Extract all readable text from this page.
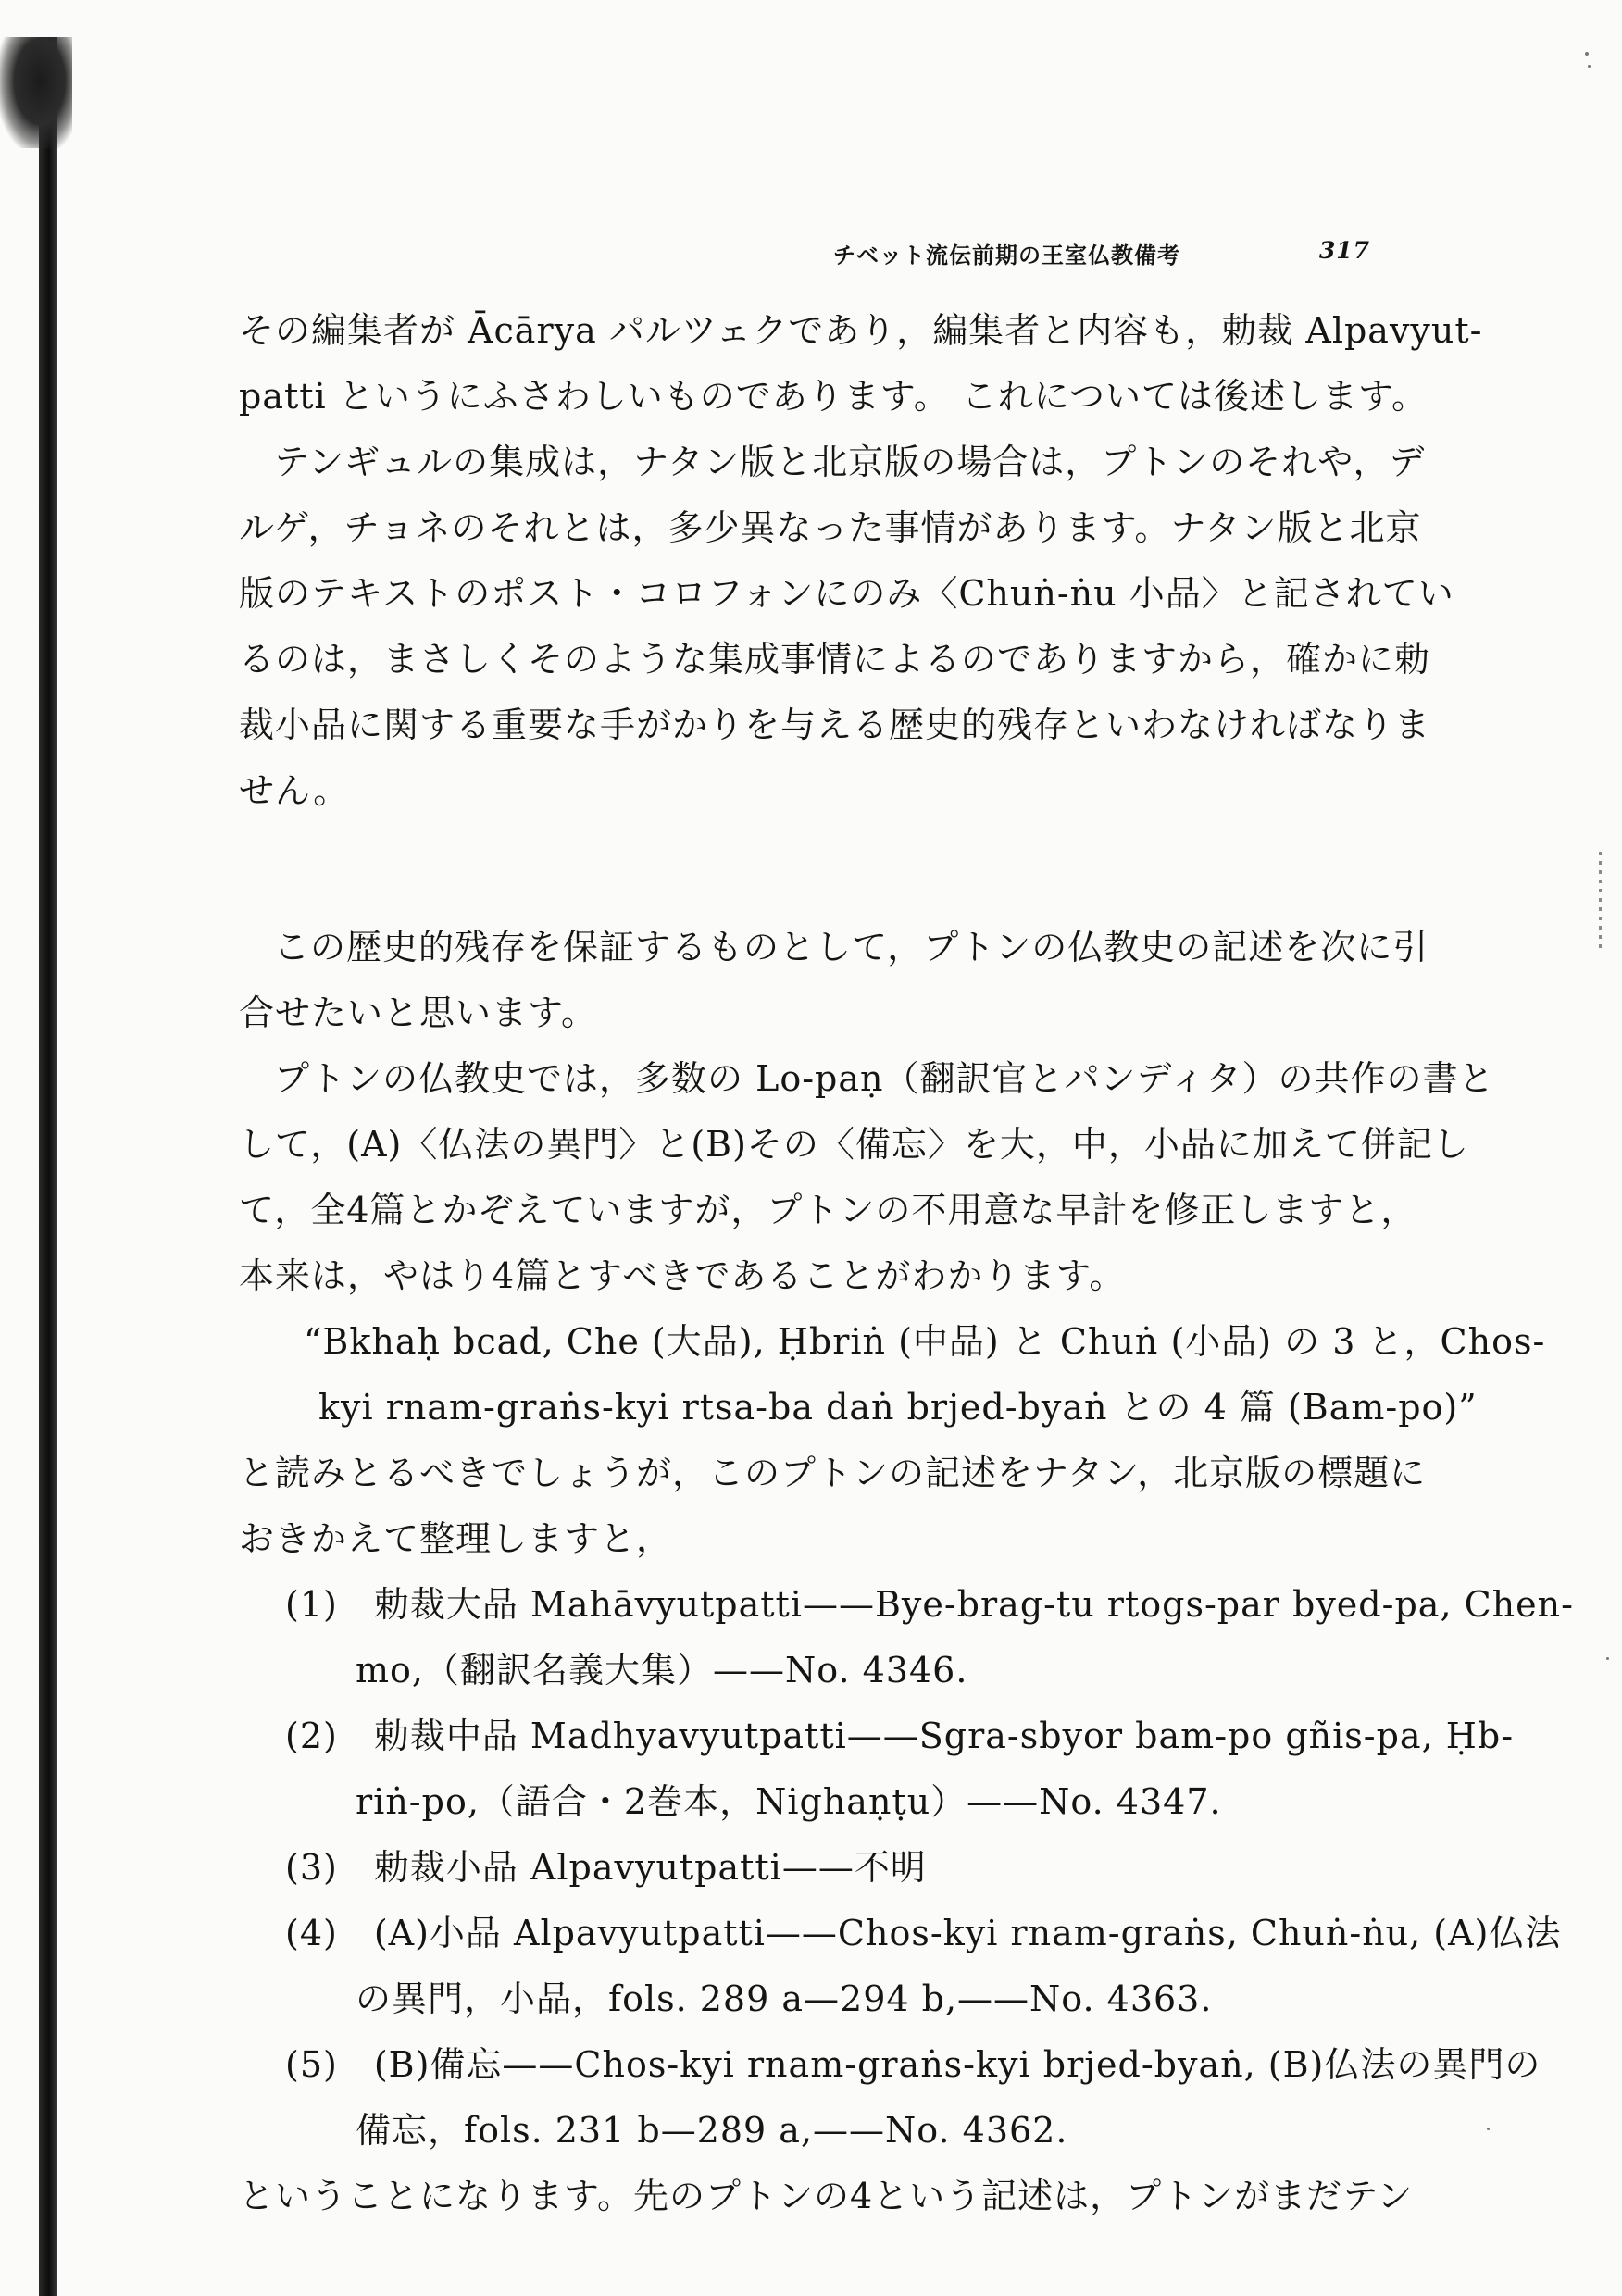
チベット流伝前期の王室仏教備考	317
その編集者が Ācārya パルツェクであり，編集者と内容も，勅裁 Alpavyut-
patti というにふさわしいものであります。 これについては後述します。
テンギュルの集成は，ナタン版と北京版の場合は，プトンのそれや，デ
ルゲ，チョネのそれとは，多少異なった事情があります。ナタン版と北京
版のテキストのポスト・コロフォンにのみ〈Chuṅ-ṅu 小品〉と記されてい
るのは，まさしくそのような集成事情によるのでありますから，確かに勅
裁小品に関する重要な手がかりを与える歴史的残存といわなければなりま
せん。
この歴史的残存を保証するものとして，プトンの仏教史の記述を次に引
合せたいと思います。
プトンの仏教史では，多数の Lo-paṇ（翻訳官とパンディタ）の共作の書と
して，(A)〈仏法の異門〉と(B)その〈備忘〉を大，中，小品に加えて併記し
て，全4篇とかぞえていますが，プトンの不用意な早計を修正しますと，
本来は，やはり4篇とすべきであることがわかります。
“Bkhaḥ bcad, Che (大品), Ḥbriṅ (中品) と Chuṅ (小品) の 3 と，Chos-
kyi rnam-graṅs-kyi rtsa-ba daṅ brjed-byaṅ との 4 篇 (Bam-po)”
と読みとるべきでしょうが，このプトンの記述をナタン，北京版の標題に
おきかえて整理しますと，
(1)　勅裁大品 Mahāvyutpatti——Bye-brag-tu rtogs-par byed-pa, Chen-
mo,（翻訳名義大集）——No. 4346.
(2)　勅裁中品 Madhyavyutpatti——Sgra-sbyor bam-po gñis-pa, Ḥb-
riṅ-po,（語合・2巻本，Nighaṇṭu）——No. 4347.
(3)　勅裁小品 Alpavyutpatti——不明
(4)　(A)小品 Alpavyutpatti——Chos-kyi rnam-graṅs, Chuṅ-ṅu, (A)仏法
の異門，小品，fols. 289 a—294 b,——No. 4363.
(5)　(B)備忘——Chos-kyi rnam-graṅs-kyi brjed-byaṅ, (B)仏法の異門の
備忘，fols. 231 b—289 a,——No. 4362.
ということになります。先のプトンの4という記述は，プトンがまだテン
